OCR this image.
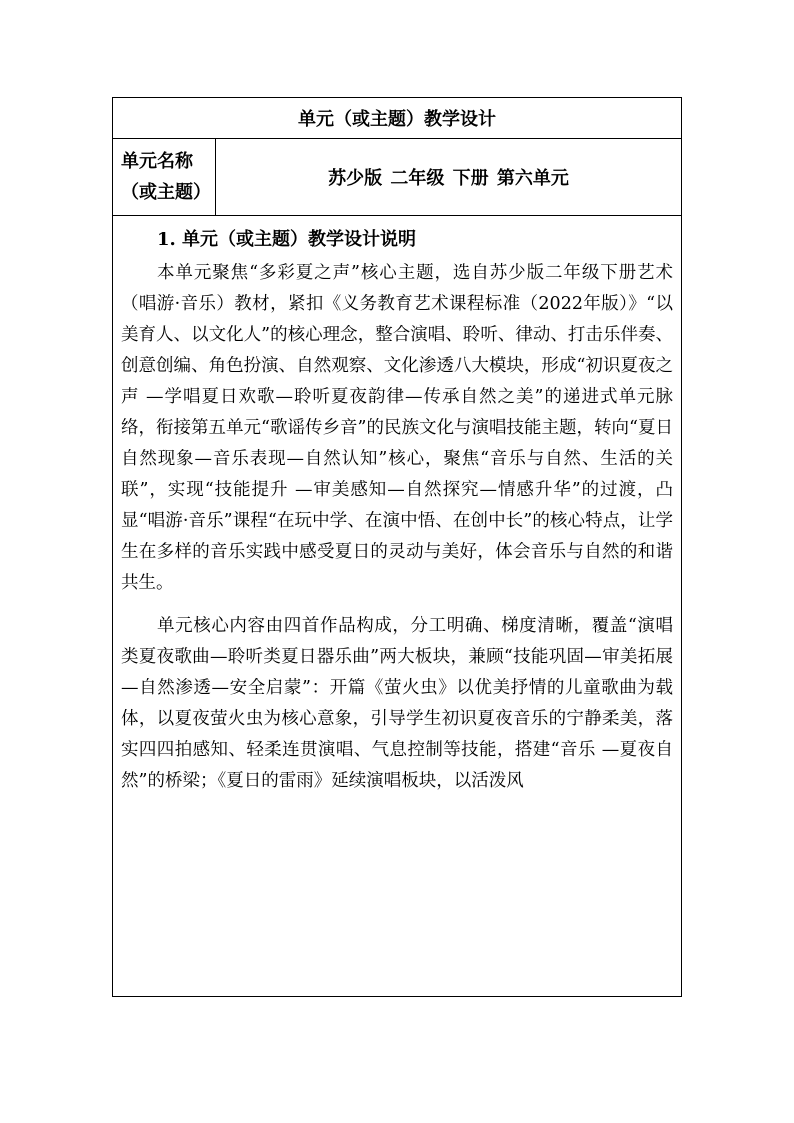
单元（或主题）教学设计
单元名称
（或主题）
苏少版 二年级 下册 第六单元

1. 单元（或主题）教学设计说明

本单元聚焦“多彩夏之声”核心主题，选自苏少版二年级下册艺术（唱游·音乐）教材，紧扣《义务教育艺术课程标准（2022年版）》“以美育人、以文化人”的核心理念，整合演唱、聆听、律动、打击乐伴奏、创意创编、角色扮演、自然观察、文化渗透八大模块，形成“初识夏夜之声 —学唱夏日欢歌—聆听夏夜韵律—传承自然之美”的递进式单元脉络，衔接第五单元“歌谣传乡音”的民族文化与演唱技能主题，转向“夏日自然现象—音乐表现—自然认知”核心，聚焦“音乐与自然、生活的关联”，实现“技能提升 —审美感知—自然探究—情感升华”的过渡，凸显“唱游·音乐”课程“在玩中学、在演中悟、在创中长”的核心特点，让学生在多样的音乐实践中感受夏日的灵动与美好，体会音乐与自然的和谐共生。

单元核心内容由四首作品构成，分工明确、梯度清晰，覆盖“演唱类夏夜歌曲—聆听类夏日器乐曲”两大板块，兼顾“技能巩固—审美拓展—自然渗透—安全启蒙”：开篇《萤火虫》以优美抒情的儿童歌曲为载体，以夏夜萤火虫为核心意象，引导学生初识夏夜音乐的宁静柔美，落实四四拍感知、轻柔连贯演唱、气息控制等技能，搭建“音乐 —夏夜自然”的桥梁；《夏日的雷雨》延续演唱板块，以活泼风
